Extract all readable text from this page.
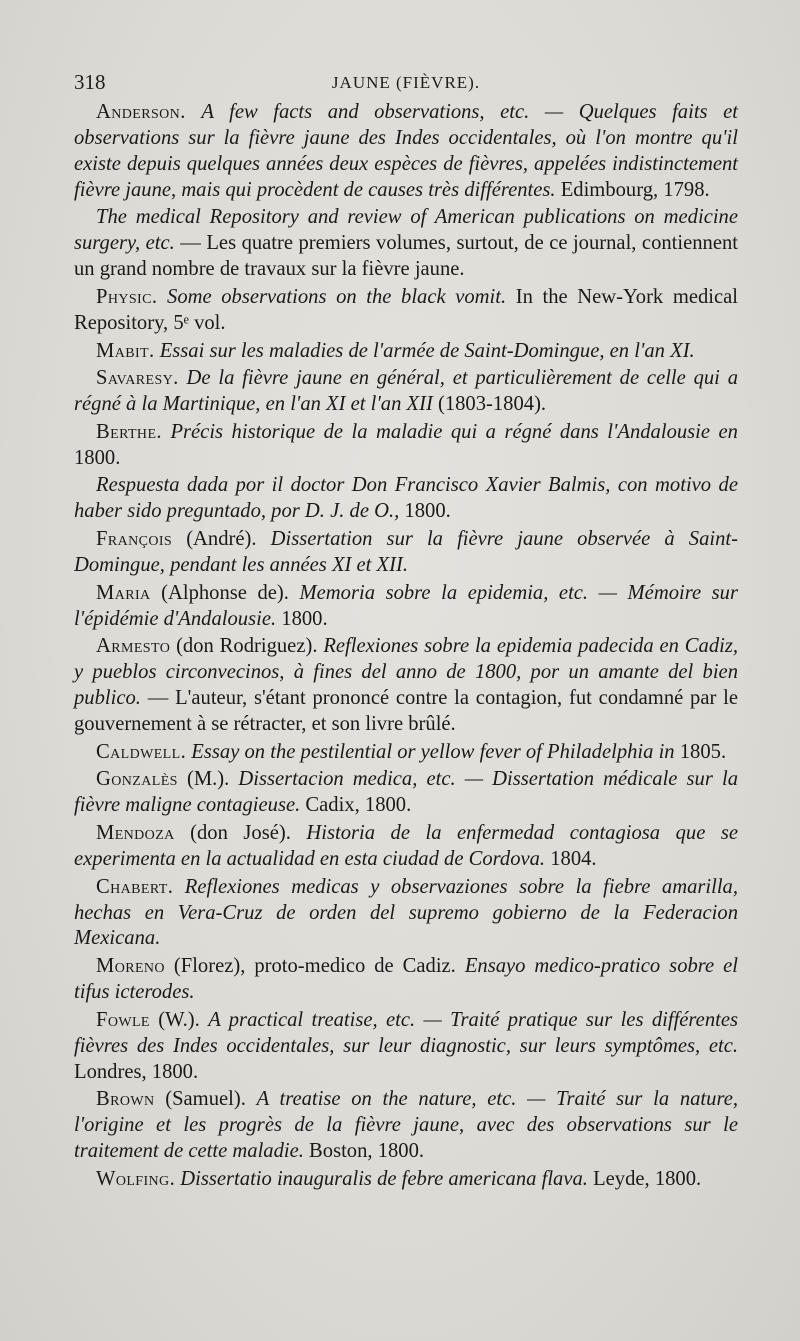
318	JAUNE (FIÈVRE).

Anderson. A few facts and observations, etc. — Quelques faits et observations sur la fièvre jaune des Indes occidentales, où l'on montre qu'il existe depuis quelques années deux espèces de fièvres, appelées indistinctement fièvre jaune, mais qui procèdent de causes très différentes. Edimbourg, 1798.

The medical Repository and review of American publications on medicine surgery, etc. — Les quatre premiers volumes, surtout, de ce journal, contiennent un grand nombre de travaux sur la fièvre jaune.

Physic. Some observations on the black vomit. In the New-York medical Repository, 5ᵉ vol.

Mabit. Essai sur les maladies de l'armée de Saint-Domingue, en l'an XI.

Savaresy. De la fièvre jaune en général, et particulièrement de celle qui a régné à la Martinique, en l'an XI et l'an XII (1803-1804).

Berthe. Précis historique de la maladie qui a régné dans l'Andalousie en 1800.

Respuesta dada por il doctor Don Francisco Xavier Balmis, con motivo de haber sido preguntado, por D. J. de O., 1800.

François (André). Dissertation sur la fièvre jaune observée à Saint-Domingue, pendant les années XI et XII.

Maria (Alphonse de). Memoria sobre la epidemia, etc. — Mémoire sur l'épidémie d'Andalousie. 1800.

Armesto (don Rodriguez). Reflexiones sobre la epidemia padecida en Cadiz, y pueblos circonvecinos, à fines del anno de 1800, por un amante del bien publico. — L'auteur, s'étant prononcé contre la contagion, fut condamné par le gouvernement à se rétracter, et son livre brûlé.

Caldwell. Essay on the pestilential or yellow fever of Philadelphia in 1805.

Gonzalès (M.). Dissertacion medica, etc. — Dissertation médicale sur la fièvre maligne contagieuse. Cadix, 1800.

Mendoza (don José). Historia de la enfermedad contagiosa que se experimenta en la actualidad en esta ciudad de Cordova. 1804.

Chabert. Reflexiones medicas y observaziones sobre la fiebre amarilla, hechas en Vera-Cruz de orden del supremo gobierno de la Federacion Mexicana.

Moreno (Florez), proto-medico de Cadiz. Ensayo medico-pratico sobre el tifus icterodes.

Fowle (W.). A practical treatise, etc. — Traité pratique sur les différentes fièvres des Indes occidentales, sur leur diagnostic, sur leurs symptômes, etc. Londres, 1800.

Brown (Samuel). A treatise on the nature, etc. — Traité sur la nature, l'origine et les progrès de la fièvre jaune, avec des observations sur le traitement de cette maladie. Boston, 1800.

Wolfing. Dissertatio inauguralis de febre americana flava. Leyde, 1800.
